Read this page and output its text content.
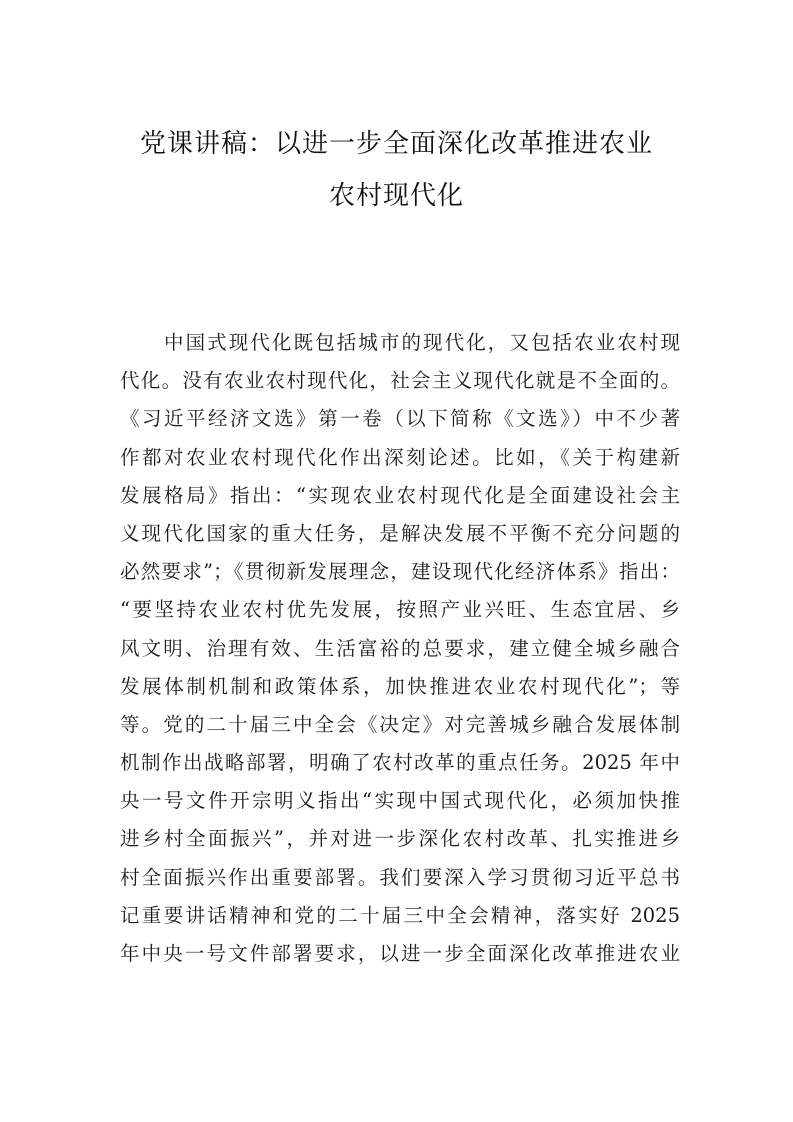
党课讲稿：以进一步全面深化改革推进农业
农村现代化
中国式现代化既包括城市的现代化，又包括农业农村现
代化。没有农业农村现代化，社会主义现代化就是不全面的。
《习近平经济文选》第一卷（以下简称《文选》）中不少著
作都对农业农村现代化作出深刻论述。比如，《关于构建新
发展格局》指出：“实现农业农村现代化是全面建设社会主
义现代化国家的重大任务，是解决发展不平衡不充分问题的
必然要求”；《贯彻新发展理念，建设现代化经济体系》指出：
“要坚持农业农村优先发展，按照产业兴旺、生态宜居、乡
风文明、治理有效、生活富裕的总要求，建立健全城乡融合
发展体制机制和政策体系，加快推进农业农村现代化”；等
等。党的二十届三中全会《决定》对完善城乡融合发展体制
机制作出战略部署，明确了农村改革的重点任务。2025 年中
央一号文件开宗明义指出“实现中国式现代化，必须加快推
进乡村全面振兴”，并对进一步深化农村改革、扎实推进乡
村全面振兴作出重要部署。我们要深入学习贯彻习近平总书
记重要讲话精神和党的二十届三中全会精神，落实好 2025
年中央一号文件部署要求，以进一步全面深化改革推进农业
